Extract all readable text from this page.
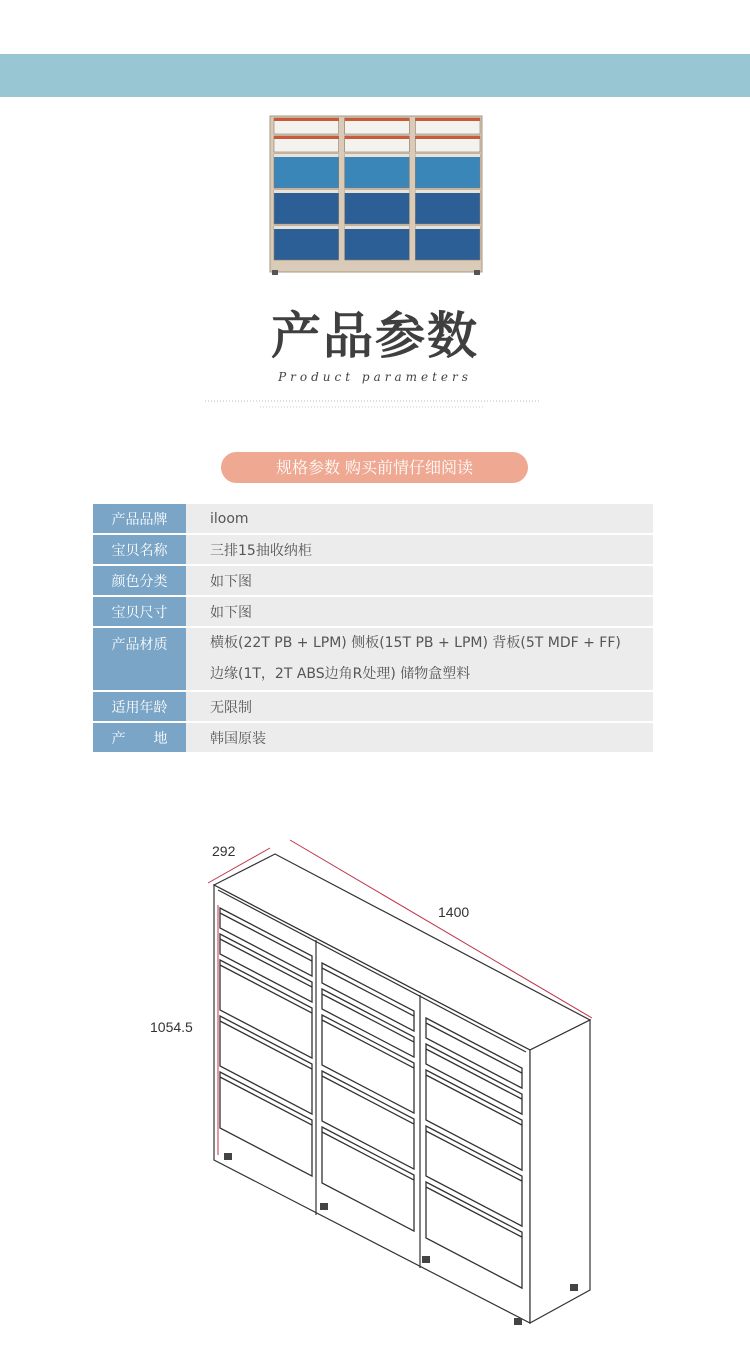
产品参数
Product parameters
规格参数 购买前情仔细阅读
产品品牌	iloom
宝贝名称	三排15抽收纳柜
颜色分类	如下图
宝贝尺寸	如下图
产品材质	横板(22T PB + LPM) 侧板(15T PB + LPM) 背板(5T MDF + FF)
边缘(1T，2T ABS边角R处理) 储物盒塑料

适用年龄	无限制
产　　地	韩国原装
292
1400
1054.5
